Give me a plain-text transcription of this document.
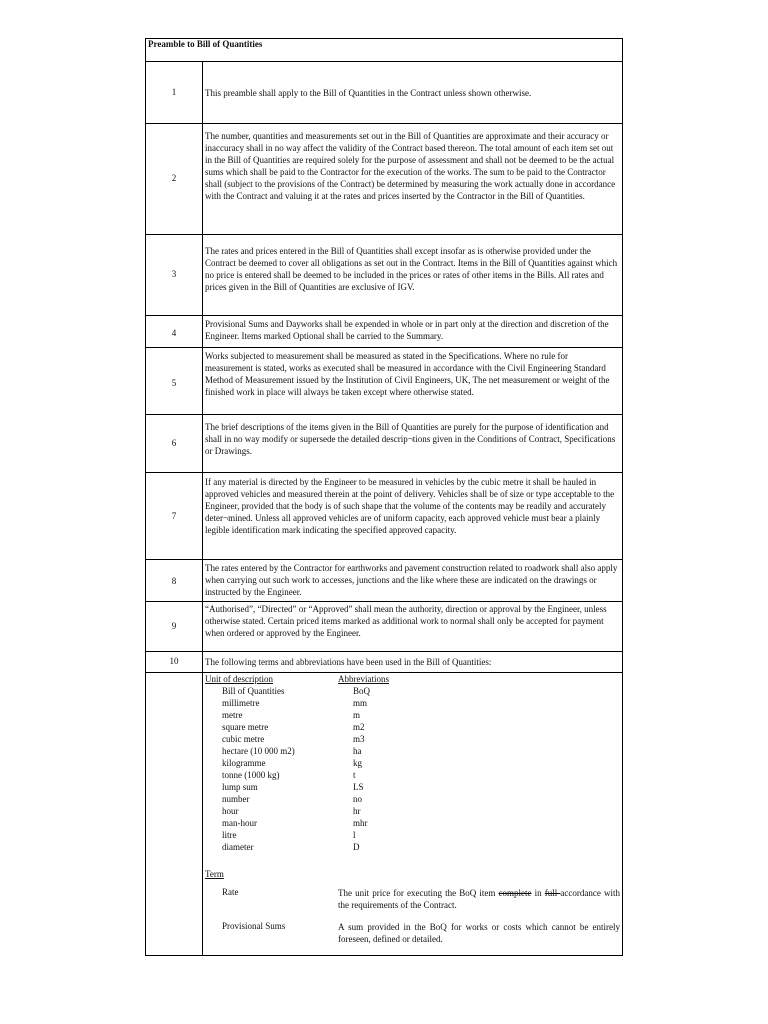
Preamble to Bill of Quantities
1
2
3
4
5
6
7
8
9
10
This preamble shall apply to the Bill of Quantities in the Contract unless shown otherwise.
The number, quantities and measurements set out in the Bill of Quantities are approximate and their accuracy or inaccuracy shall in no way affect the validity of the Contract based thereon. The total amount of each item set out in the Bill of Quantities are required solely for the purpose of assessment and shall not be deemed to be the actual sums which shall be paid to the Contractor for the execution of the works. The sum to be paid to the Contractor shall (subject to the provisions of the Contract) be determined by measuring the work actually done in accordance with the Contract and valuing it at the rates and prices inserted by the Contractor in the Bill of Quantities.
The rates and prices entered in the Bill of Quantities shall except insofar as is otherwise provided under the Contract be deemed to cover all obligations as set out in the Contract. Items in the Bill of Quantities against which no price is entered shall be deemed to be included in the prices or rates of other items in the Bills. All rates and prices given in the Bill of Quantities are exclusive of IGV.
Provisional Sums and Dayworks shall be expended in whole or in part only at the direction and discretion of the Engineer. Items marked Optional shall be carried to the Summary.
Works subjected to measurement shall be measured as stated in the Specifications. Where no rule for measurement is stated, works as executed shall be measured in accordance with the Civil Engineering Standard Method of Measurement issued by the Institution of Civil Engineers, UK, The net measurement or weight of the finished work in place will always be taken except where otherwise stated.
The brief descriptions of the items given in the Bill of Quantities are purely for the purpose of identification and shall in no way modify or supersede the detailed descrip¬tions given in the Conditions of Contract, Specifications or Drawings.
If any material is directed by the Engineer to be measured in vehicles by the cubic metre it shall be hauled in approved vehicles and measured therein at the point of delivery. Vehicles shall be of size or type acceptable to the Engineer, provided that the body is of such shape that the volume of the contents may be readily and accurately deter¬mined. Unless all approved vehicles are of uniform capacity, each approved vehicle must bear a plainly legible identification mark indicating the specified approved capacity.
The rates entered by the Contractor for earthworks and pavement construction related to roadwork shall also apply when carrying out such work to accesses, junctions and the like where these are indicated on the drawings or instructed by the Engineer.
“Authorised”, “Directed” or “Approved” shall mean the authority, direction or approval by the Engineer, unless otherwise stated. Certain priced items marked as additional work to normal shall only be accepted for payment when ordered or approved by the Engineer.
The following terms and abbreviations have been used in the Bill of Quantities:
Unit of description
Bill of Quantities
millimetre
metre
square metre
cubic metre
hectare (10 000 m2)
kilogramme
tonne (1000 kg)
lump sum
number
hour
man-hour
litre
diameter
Abbreviations
BoQ
mm
m
m2
m3
ha
kg
t
LS
no
hr
mhr
l
D
Term
Rate	The unit price for executing the BoQ item complete in full accordance with the requirements of the Contract.
Provisional Sums	A sum provided in the BoQ for works or costs which cannot be entirely foreseen, defined or detailed.
